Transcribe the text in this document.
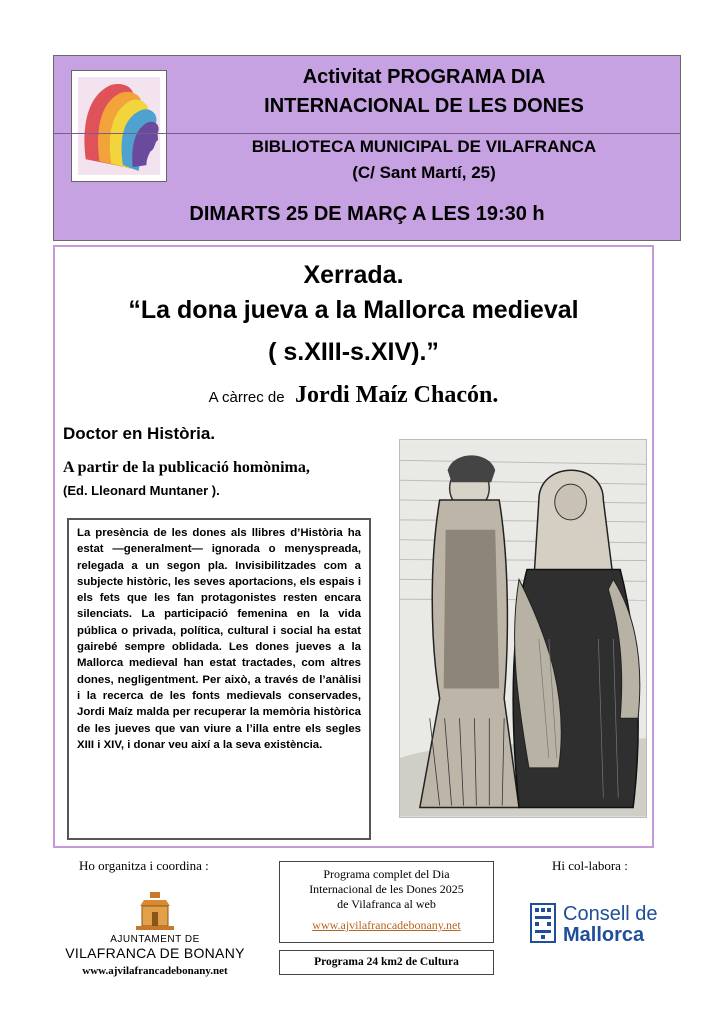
Activitat PROGRAMA DIA
INTERNACIONAL DE LES DONES
BIBLIOTECA MUNICIPAL DE VILAFRANCA
(C/ Sant Martí, 25)
DIMARTS 25 DE MARÇ A LES 19:30 h
Xerrada.
“La dona jueva a la Mallorca medieval
( s.XIII-s.XIV).”
A càrrec de Jordi Maíz Chacón.
Doctor en Història.
A partir de la publicació homònima,
(Ed. Lleonard Muntaner ).

La presència de les dones als llibres d’Història ha estat —generalment— ignorada o menyspreada, relegada a un segon pla. Invisibilitzades com a subjecte històric, les seves aportacions, els espais i els fets que les fan protagonistes resten encara silenciats. La participació femenina en la vida pública o privada, política, cultural i social ha estat gairebé sempre oblidada. Les dones jueves a la Mallorca medieval han estat tractades, com altres dones, negligentment. Per això, a través de l’anàlisi i la recerca de les fonts medievals conservades, Jordi Maíz malda per recuperar la memòria històrica de les jueves que van viure a l’illa entre els segles XIII i XIV, i donar veu així a la seva existència.

Ho organitza i coordina :	Hi col-labora :
AJUNTAMENT DE
VILAFRANCA DE BONANY
www.ajvilafrancadebonany.net
Programa complet del Dia
Internacional de les Dones 2025
de Vilafranca al web
www.ajvilafrancadebonany.net
Programa 24 km2 de Cultura
Consell de
Mallorca
